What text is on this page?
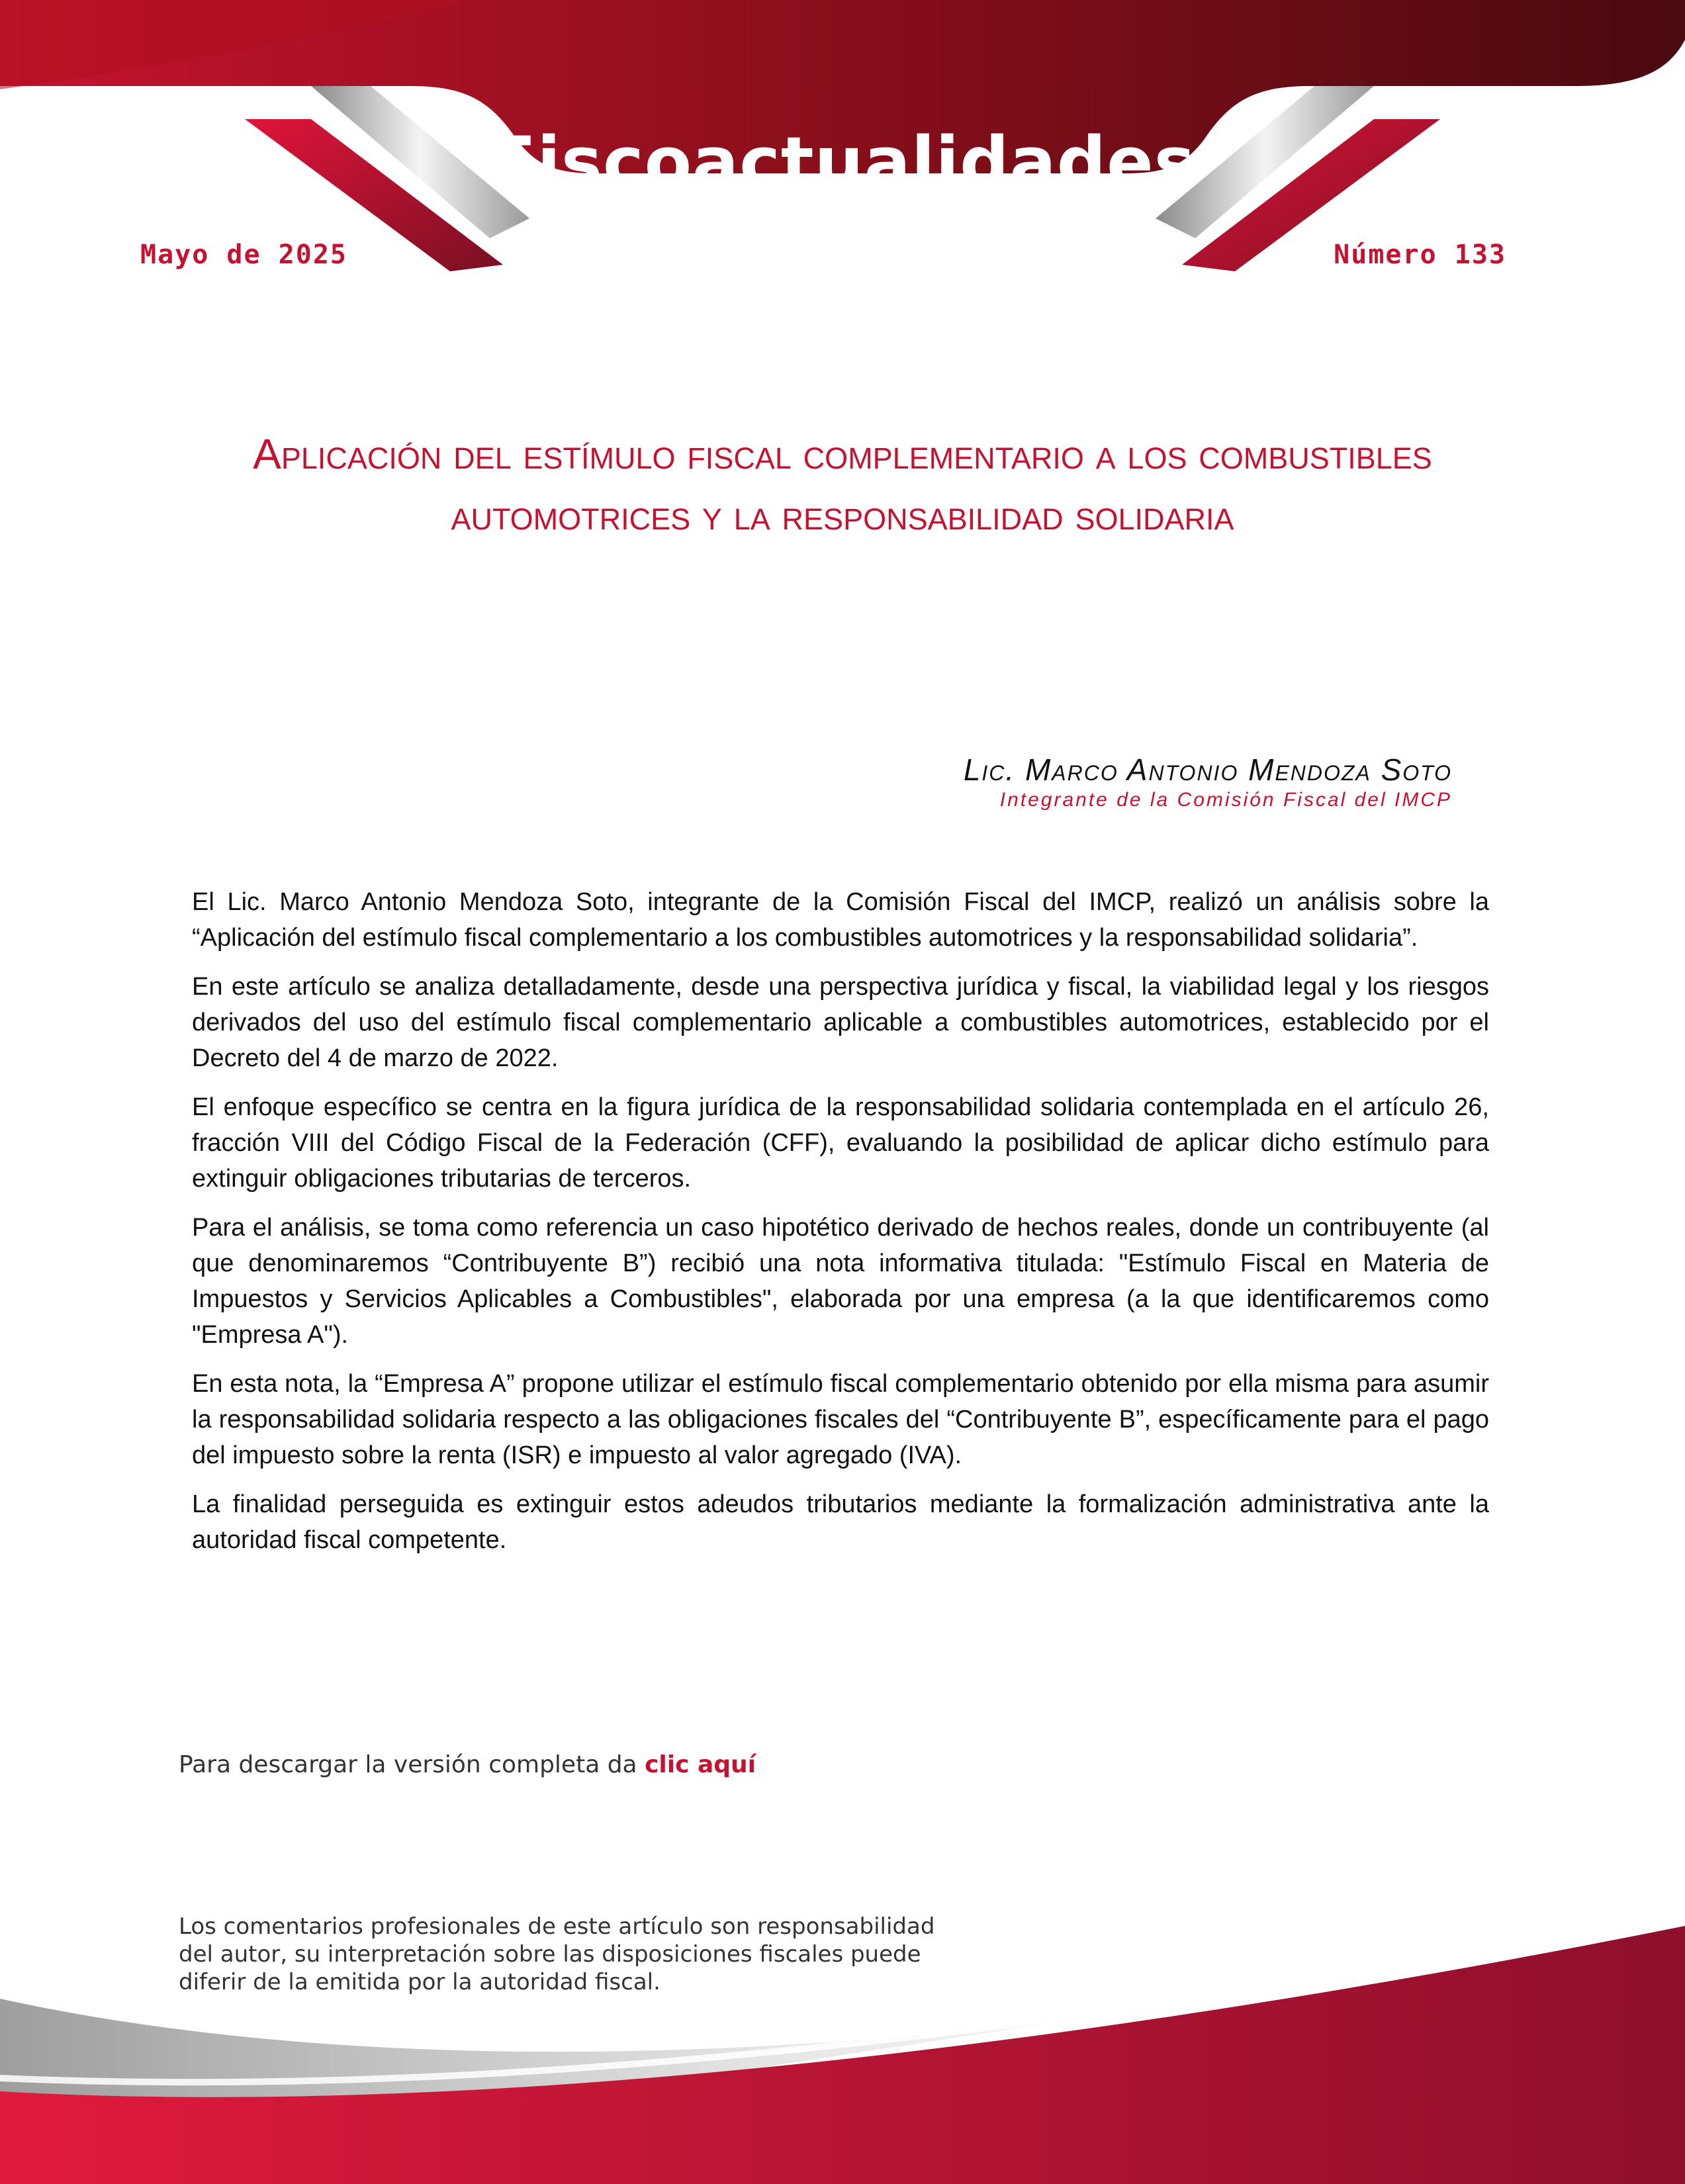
Fiscoactualidades
Mayo de 2025	Número 133
Aplicación del estímulo fiscal complementario a los combustibles automotrices y la responsabilidad solidaria
Lic. Marco Antonio Mendoza Soto
Integrante de la Comisión Fiscal del IMCP

El Lic. Marco Antonio Mendoza Soto, integrante de la Comisión Fiscal del IMCP, realizó un análisis sobre la “Aplicación del estímulo fiscal complementario a los combustibles automotrices y la responsabilidad solidaria”.

En este artículo se analiza detalladamente, desde una perspectiva jurídica y fiscal, la viabilidad legal y los riesgos derivados del uso del estímulo fiscal complementario aplicable a combustibles automotrices, establecido por el Decreto del 4 de marzo de 2022.

El enfoque específico se centra en la figura jurídica de la responsabilidad solidaria contemplada en el artículo 26, fracción VIII del Código Fiscal de la Federación (CFF), evaluando la posibilidad de aplicar dicho estímulo para extinguir obligaciones tributarias de terceros.

Para el análisis, se toma como referencia un caso hipotético derivado de hechos reales, donde un contribuyente (al que denominaremos “Contribuyente B”) recibió una nota informativa titulada: "Estímulo Fiscal en Materia de Impuestos y Servicios Aplicables a Combustibles", elaborada por una empresa (a la que identificaremos como "Empresa A").

En esta nota, la “Empresa A” propone utilizar el estímulo fiscal complementario obtenido por ella misma para asumir la responsabilidad solidaria respecto a las obligaciones fiscales del “Contribuyente B”, específicamente para el pago del impuesto sobre la renta (ISR) e impuesto al valor agregado (IVA).

La finalidad perseguida es extinguir estos adeudos tributarios mediante la formalización administrativa ante la autoridad fiscal competente.

Para descargar la versión completa da clic aquí
Los comentarios profesionales de este artículo son responsabilidad del autor, su interpretación sobre las disposiciones fiscales puede diferir de la emitida por la autoridad fiscal.
